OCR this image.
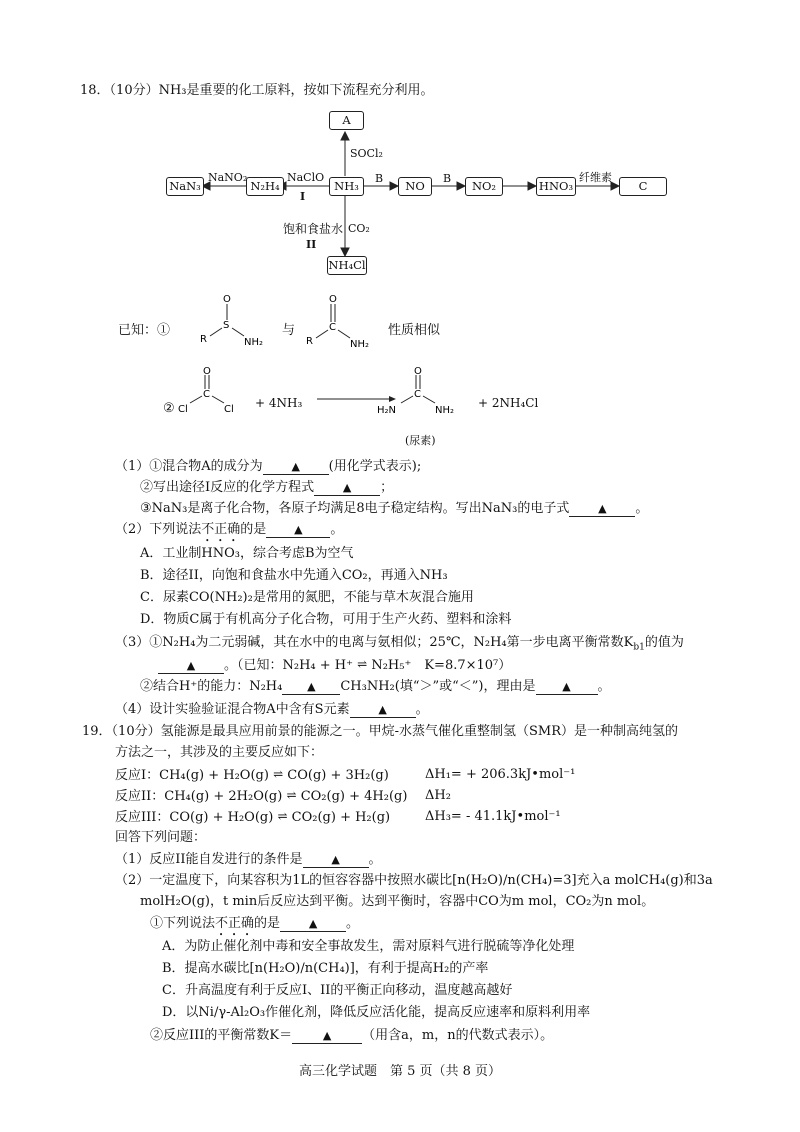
18．（10分）NH₃是重要的化工原料，按如下流程充分利用。
A
NaN₃	N₂H₄	NH₃	NO	NO₂	HNO₃	C
NH₄Cl
SOCl₂
NaNO₂	NaClO
I
B	B	纤维素
饱和食盐水 CO₂
II
已知：①
O
S
R	NH₂
与
O
C
R	NH₂
性质相似
②
O
C
Cl	Cl + 4NH₃
O
C
H₂N	NH₂
+ 2NH₄Cl
(尿素)
（1）①混合物A的成分为	▲ (用化学式表示);
②写出途径I反应的化学方程式	▲ ；
③NaN₃是离子化合物，各原子均满足8电子稳定结构。写出NaN₃的电子式	▲ 。
（2）下列说法不正确的是	▲ 。
A．工业制HNO₃，综合考虑B为空气
B．途径II，向饱和食盐水中先通入CO₂，再通入NH₃
C．尿素CO(NH₂)₂是常用的氮肥，不能与草木灰混合施用
D．物质C属于有机高分子化合物，可用于生产火药、塑料和涂料
（3）①N₂H₄为二元弱碱，其在水中的电离与氨相似；25℃，N₂H₄第一步电离平衡常数$K_{b1}$的值为
▲ 。（已知：N₂H₄ + H⁺ ⇌ N₂H₅⁺　K=8.7×10⁷）
②结合H⁺的能力：N₂H₄ ▲ CH₃NH₂(填“＞”或“＜”)，理由是 ▲ 。
（4）设计实验验证混合物A中含有S元素	▲ 。
19．（10分）氢能源是最具应用前景的能源之一。甲烷-水蒸气催化重整制氢（SMR）是一种制高纯氢的
方法之一，其涉及的主要反应如下：
反应I：CH₄(g) + H₂O(g) ⇌ CO(g) + 3H₂(g)	ΔH₁= + 206.3kJ•mol⁻¹
反应II：CH₄(g) + 2H₂O(g) ⇌ CO₂(g) + 4H₂(g) ΔH₂
反应III：CO(g) + H₂O(g) ⇌ CO₂(g) + H₂(g)	ΔH₃= - 41.1kJ•mol⁻¹
回答下列问题：
（1）反应II能自发进行的条件是	▲ 。
（2）一定温度下，向某容积为1L的恒容容器中按照水碳比[n(H₂O)/n(CH₄)=3]充入a molCH₄(g)和3a
molH₂O(g)，t min后反应达到平衡。达到平衡时，容器中CO为m mol，CO₂为n mol。
①下列说法不正确的是	▲ 。
A．为防止催化剂中毒和安全事故发生，需对原料气进行脱硫等净化处理
B．提高水碳比[n(H₂O)/n(CH₄)]，有利于提高H₂的产率
C．升高温度有利于反应I、II的平衡正向移动，温度越高越好
D．以Ni/γ-Al₂O₃作催化剂，降低反应活化能，提高反应速率和原料利用率
②反应III的平衡常数K＝	▲ （用含a，m，n的代数式表示）。
高三化学试题　第 5 页（共 8 页）
